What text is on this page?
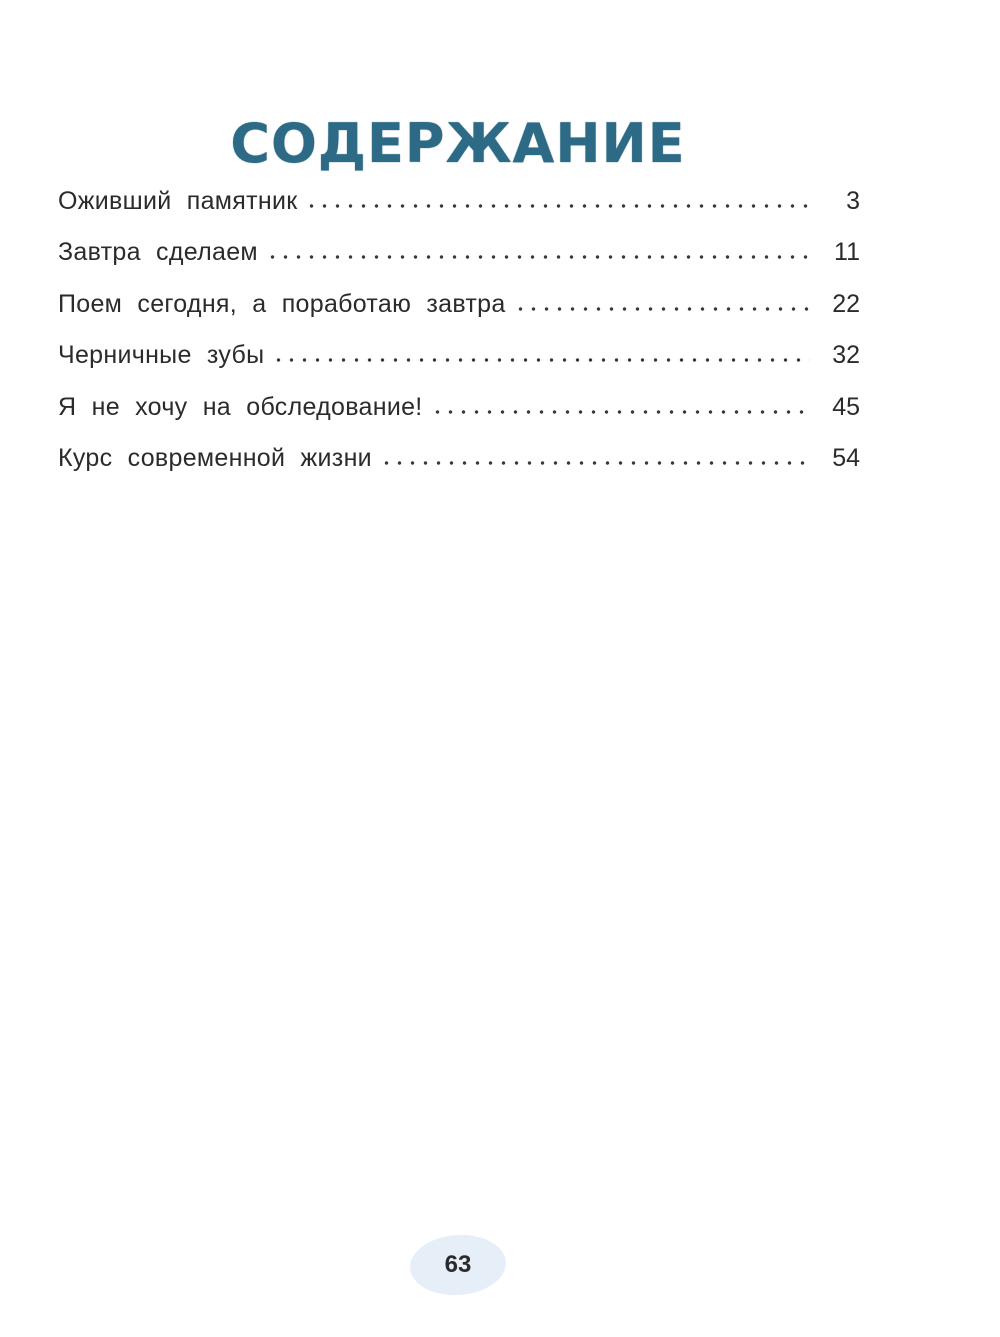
СОДЕРЖАНИЕ
Оживший памятник	3
Завтра сделаем	11
Поем сегодня, а поработаю завтра	22
Черничные зубы	32
Я не хочу на обследование!	45
Курс современной жизни	54
63
